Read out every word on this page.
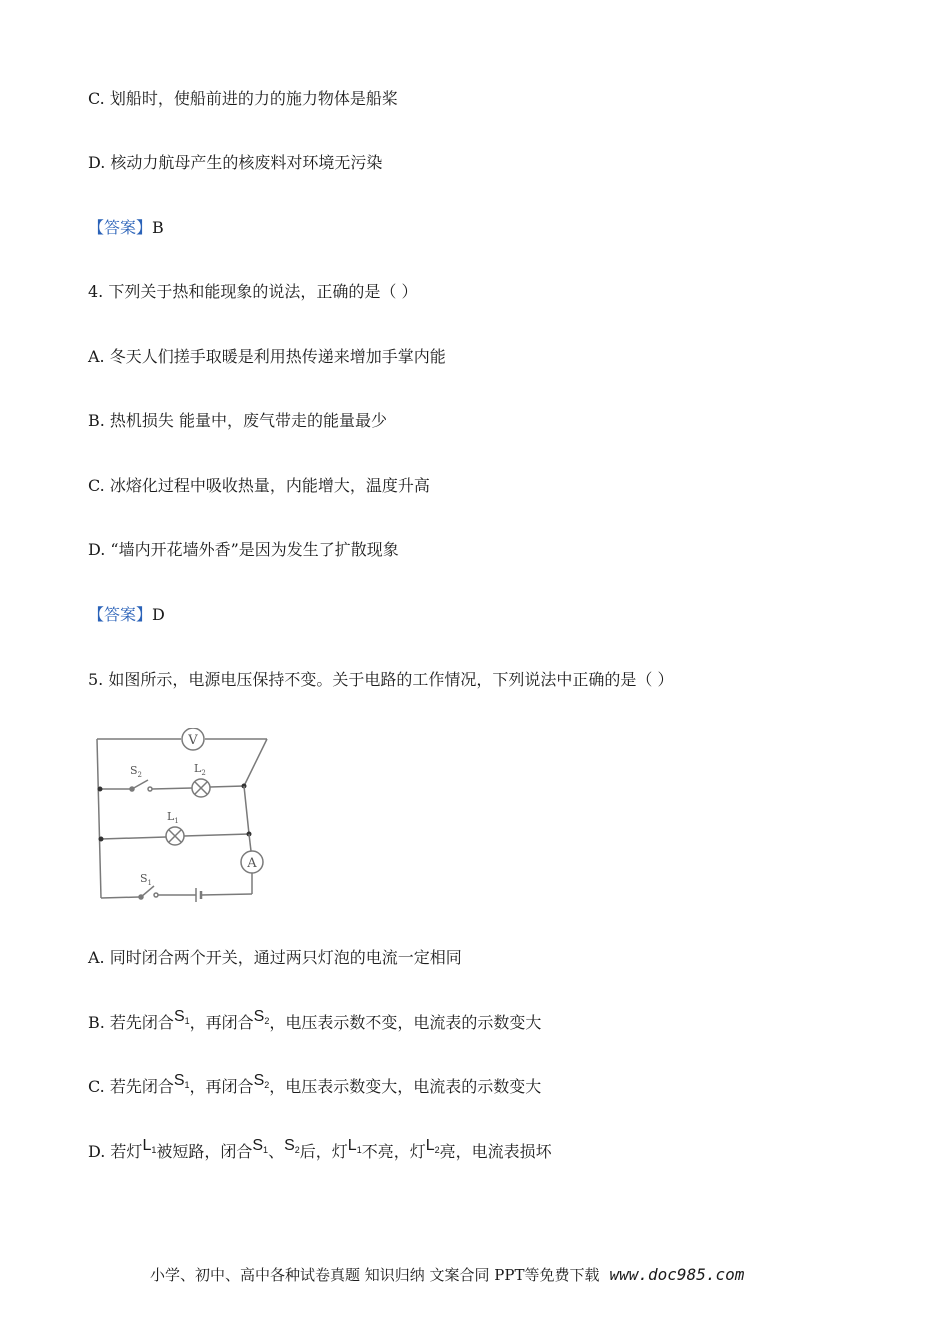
C. 划船时，使船前进的力的施力物体是船桨
D. 核动力航母产生的核废料对环境无污染
【答案】B
4. 下列关于热和能现象的说法，正确的是（ ）
A. 冬天人们搓手取暖是利用热传递来增加手掌内能
B. 热机损失 能量中，废气带走的能量最少
C. 冰熔化过程中吸收热量，内能增大，温度升高
D. “墙内开花墙外香”是因为发生了扩散现象
【答案】D
5. 如图所示，电源电压保持不变。关于电路的工作情况，下列说法中正确的是（ ）
V
$S_2$	$L_2$
$L_1$
A
$S_1$
A. 同时闭合两个开关，通过两只灯泡的电流一定相同
B. 若先闭合$S_1$，再闭合$S_2$，电压表示数不变，电流表的示数变大
C. 若先闭合$S_1$，再闭合$S_2$，电压表示数变大，电流表的示数变大
D. 若灯$L_1$被短路，闭合$S_1$、$S_2$后，灯$L_1$不亮，灯$L_2$亮，电流表损坏
小学、初中、高中各种试卷真题 知识归纳 文案合同 PPT等免费下载 www.doc985.com
